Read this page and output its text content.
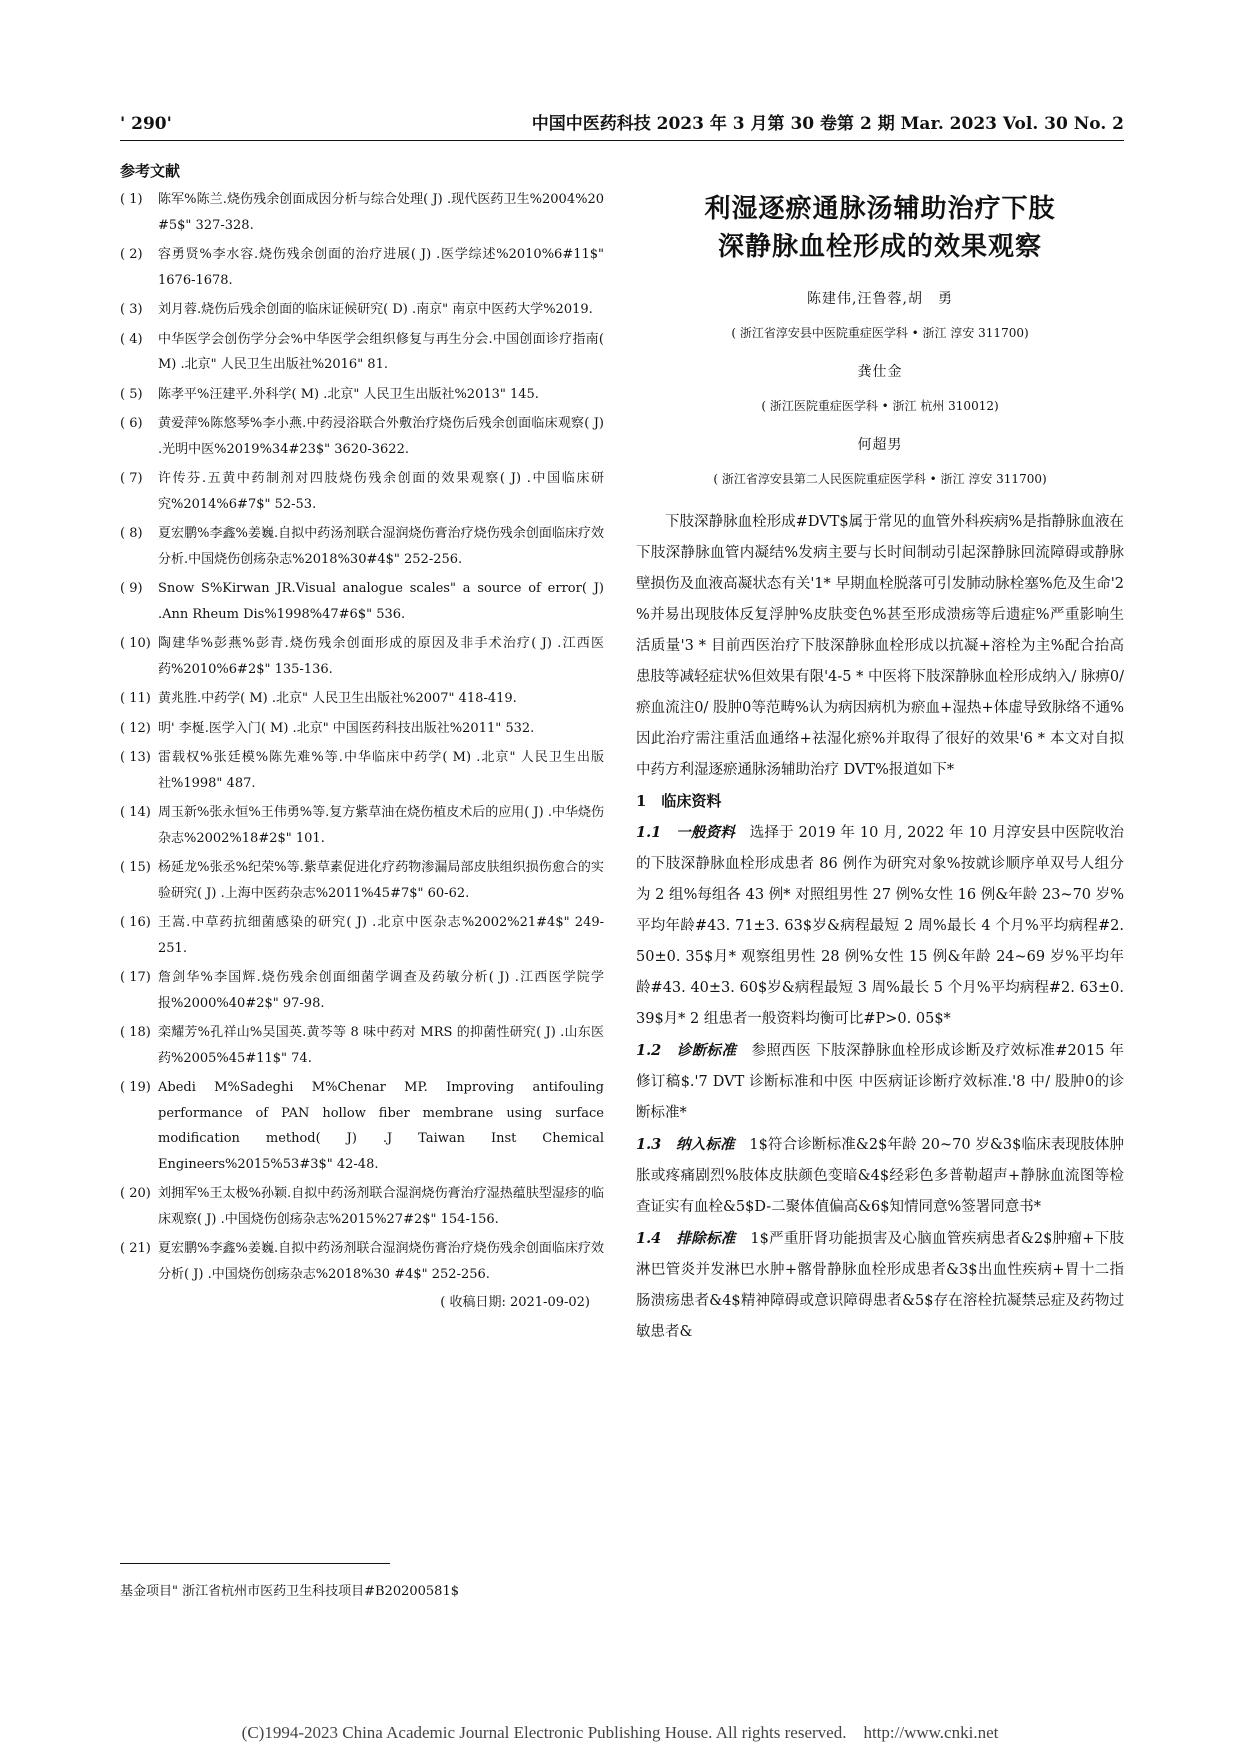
' 290'	中国中医药科技 2023 年 3 月第 30 卷第 2 期 Mar. 2023 Vol. 30 No. 2
参考文献
( 1)	陈军%陈兰.烧伤残余创面成因分析与综合处理( J) .现代医药卫生%2004%20 #5$" 327-328.
( 2)	容勇贤%李水容.烧伤残余创面的治疗进展( J) .医学综述%2010%6#11$" 1676-1678.
( 3)	刘月蓉.烧伤后残余创面的临床证候研究( D) .南京" 南京中医药大学%2019.
( 4)	中华医学会创伤学分会%中华医学会组织修复与再生分会.中国创面诊疗指南( M) .北京" 人民卫生出版社%2016" 81.
( 5)	陈孝平%汪建平.外科学( M) .北京" 人民卫生出版社%2013" 145.
( 6)	黄爱萍%陈悠琴%李小燕.中药浸浴联合外敷治疗烧伤后残余创面临床观察( J) .光明中医%2019%34#23$" 3620-3622.
( 7)	许传芬.五黄中药制剂对四肢烧伤残余创面的效果观察( J) .中国临床研究%2014%6#7$" 52-53.
( 8)	夏宏鹏%李鑫%姜巍.自拟中药汤剂联合湿润烧伤膏治疗烧伤残余创面临床疗效分析.中国烧伤创疡杂志%2018%30#4$" 252-256.
( 9)	Snow S%Kirwan JR.Visual analogue scales" a source of error( J) .Ann Rheum Dis%1998%47#6$" 536.
( 10) 陶建华%彭燕%彭青.烧伤残余创面形成的原因及非手术治疗( J) .江西医药%2010%6#2$" 135-136.
( 11) 黄兆胜.中药学( M) .北京" 人民卫生出版社%2007" 418-419.
( 12) 明' 李梴.医学入门( M) .北京" 中国医药科技出版社%2011" 532.
( 13) 雷载权%张廷模%陈先难%等.中华临床中药学( M) .北京" 人民卫生出版社%1998" 487.
( 14) 周玉新%张永恒%王伟勇%等.复方紫草油在烧伤植皮术后的应用( J) .中华烧伤杂志%2002%18#2$" 101.
( 15) 杨延龙%张丞%纪荣%等.紫草素促进化疗药物渗漏局部皮肤组织损伤愈合的实验研究( J) .上海中医药杂志%2011%45#7$" 60-62.
( 16) 王嵩.中草药抗细菌感染的研究( J) .北京中医杂志%2002%21#4$" 249-251.
( 17) 詹剑华%李国辉.烧伤残余创面细菌学调查及药敏分析( J) .江西医学院学报%2000%40#2$" 97-98.
( 18) 栾耀芳%孔祥山%吴国英.黄芩等 8 味中药对 MRS 的抑菌性研究( J) .山东医药%2005%45#11$" 74.
( 19) Abedi M%Sadeghi M%Chenar MP. Improving antifouling performance of PAN hollow fiber membrane using surface modification method( J) .J Taiwan Inst Chemical Engineers%2015%53#3$" 42-48.
( 20) 刘拥军%王太极%孙颖.自拟中药汤剂联合湿润烧伤膏治疗湿热蕴肤型湿疹的临床观察( J) .中国烧伤创疡杂志%2015%27#2$" 154-156.
( 21) 夏宏鹏%李鑫%姜巍.自拟中药汤剂联合湿润烧伤膏治疗烧伤残余创面临床疗效分析( J) .中国烧伤创疡杂志%2018%30 #4$" 252-256.
( 收稿日期: 2021-09-02)
基金项目" 浙江省杭州市医药卫生科技项目#B20200581$
利湿逐瘀通脉汤辅助治疗下肢
深静脉血栓形成的效果观察
陈建伟,汪鲁蓉,胡　勇
( 浙江省淳安县中医院重症医学科 • 浙江 淳安 311700)
龚仕金
( 浙江医院重症医学科 • 浙江 杭州 310012)
何超男
( 浙江省淳安县第二人民医院重症医学科 • 浙江 淳安 311700)

下肢深静脉血栓形成#DVT$属于常见的血管外科疾病%是指静脉血液在下肢深静脉血管内凝结%发病主要与长时间制动引起深静脉回流障碍或静脉壁损伤及血液高凝状态有关'1* 早期血栓脱落可引发肺动脉栓塞%危及生命'2 %并易出现肢体反复浮肿%皮肤变色%甚至形成溃疡等后遗症%严重影响生活质量'3 * 目前西医治疗下肢深静脉血栓形成以抗凝+溶栓为主%配合抬高患肢等减轻症状%但效果有限'4-5 * 中医将下肢深静脉血栓形成纳入/ 脉痹0/ 瘀血流注0/ 股肿0等范畴%认为病因病机为瘀血+湿热+体虚导致脉络不通%因此治疗需注重活血通络+祛湿化瘀%并取得了很好的效果'6 * 本文对自拟中药方利湿逐瘀通脉汤辅助治疗 DVT%报道如下*

1　临床资料

1.1　一般资料　选择于 2019 年 10 月, 2022 年 10 月淳安县中医院收治的下肢深静脉血栓形成患者 86 例作为研究对象%按就诊顺序单双号人组分为 2 组%每组各 43 例* 对照组男性 27 例%女性 16 例&年龄 23~70 岁%平均年龄#43. 71±3. 63$岁&病程最短 2 周%最长 4 个月%平均病程#2. 50±0. 35$月* 观察组男性 28 例%女性 15 例&年龄 24~69 岁%平均年龄#43. 40±3. 60$岁&病程最短 3 周%最长 5 个月%平均病程#2. 63±0. 39$月* 2 组患者一般资料均衡可比#P>0. 05$*

1.2　诊断标准　参照西医 下肢深静脉血栓形成诊断及疗效标准#2015 年修订稿$.'7 DVT 诊断标准和中医 中医病证诊断疗效标准.'8 中/ 股肿0的诊断标准*

1.3　纳入标准　1$符合诊断标准&2$年龄 20~70 岁&3$临床表现肢体肿胀或疼痛剧烈%肢体皮肤颜色变暗&4$经彩色多普勒超声+静脉血流图等检查证实有血栓&5$D-二聚体值偏高&6$知情同意%签署同意书*

1.4　排除标准　1$严重肝肾功能损害及心脑血管疾病患者&2$肿瘤+下肢淋巴管炎并发淋巴水肿+髂骨静脉血栓形成患者&3$出血性疾病+胃十二指肠溃疡患者&4$精神障碍或意识障碍患者&5$存在溶栓抗凝禁忌症及药物过敏患者&

(C)1994-2023 China Academic Journal Electronic Publishing House. All rights reserved.　http://www.cnki.net
